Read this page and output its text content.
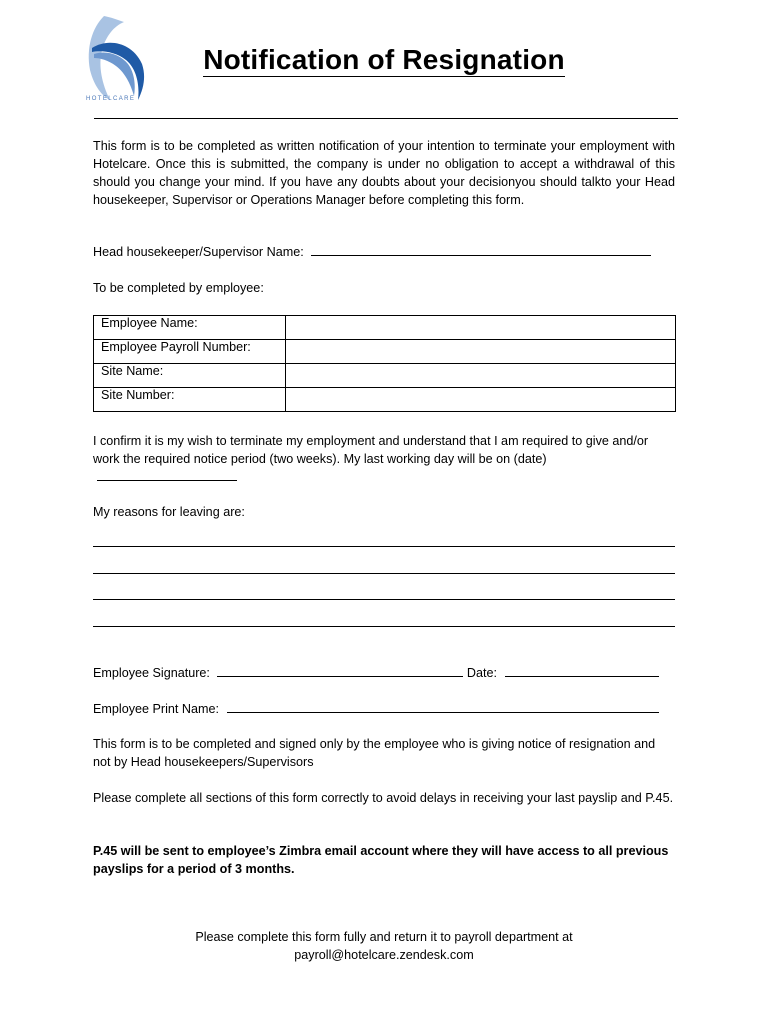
HOTELCARE
Notification of Resignation
This form is to be completed as written notification of your intention to terminate your employment with Hotelcare. Once this is submitted, the company is under no obligation to accept a withdrawal of this should you change your mind. If you have any doubts about your decisionyou should talkto your Head housekeeper, Supervisor or Operations Manager before completing this form.
Head housekeeper/Supervisor Name:
To be completed by employee:
Employee Name:	
Employee Payroll Number:	
Site Name:	
Site Number:	
I confirm it is my wish to terminate my employment and understand that I am required to give and/or work the required notice period (two weeks). My last working day will be on (date)
My reasons for leaving are:
Employee Signature:	Date:
Employee Print Name:
This form is to be completed and signed only by the employee who is giving notice of resignation and not by Head housekeepers/Supervisors
Please complete all sections of this form correctly to avoid delays in receiving your last payslip and P.45.
P.45 will be sent to employee’s Zimbra email account where they will have access to all previous payslips for a period of 3 months.
Please complete this form fully and return it to payroll department at
payroll@hotelcare.zendesk.com
